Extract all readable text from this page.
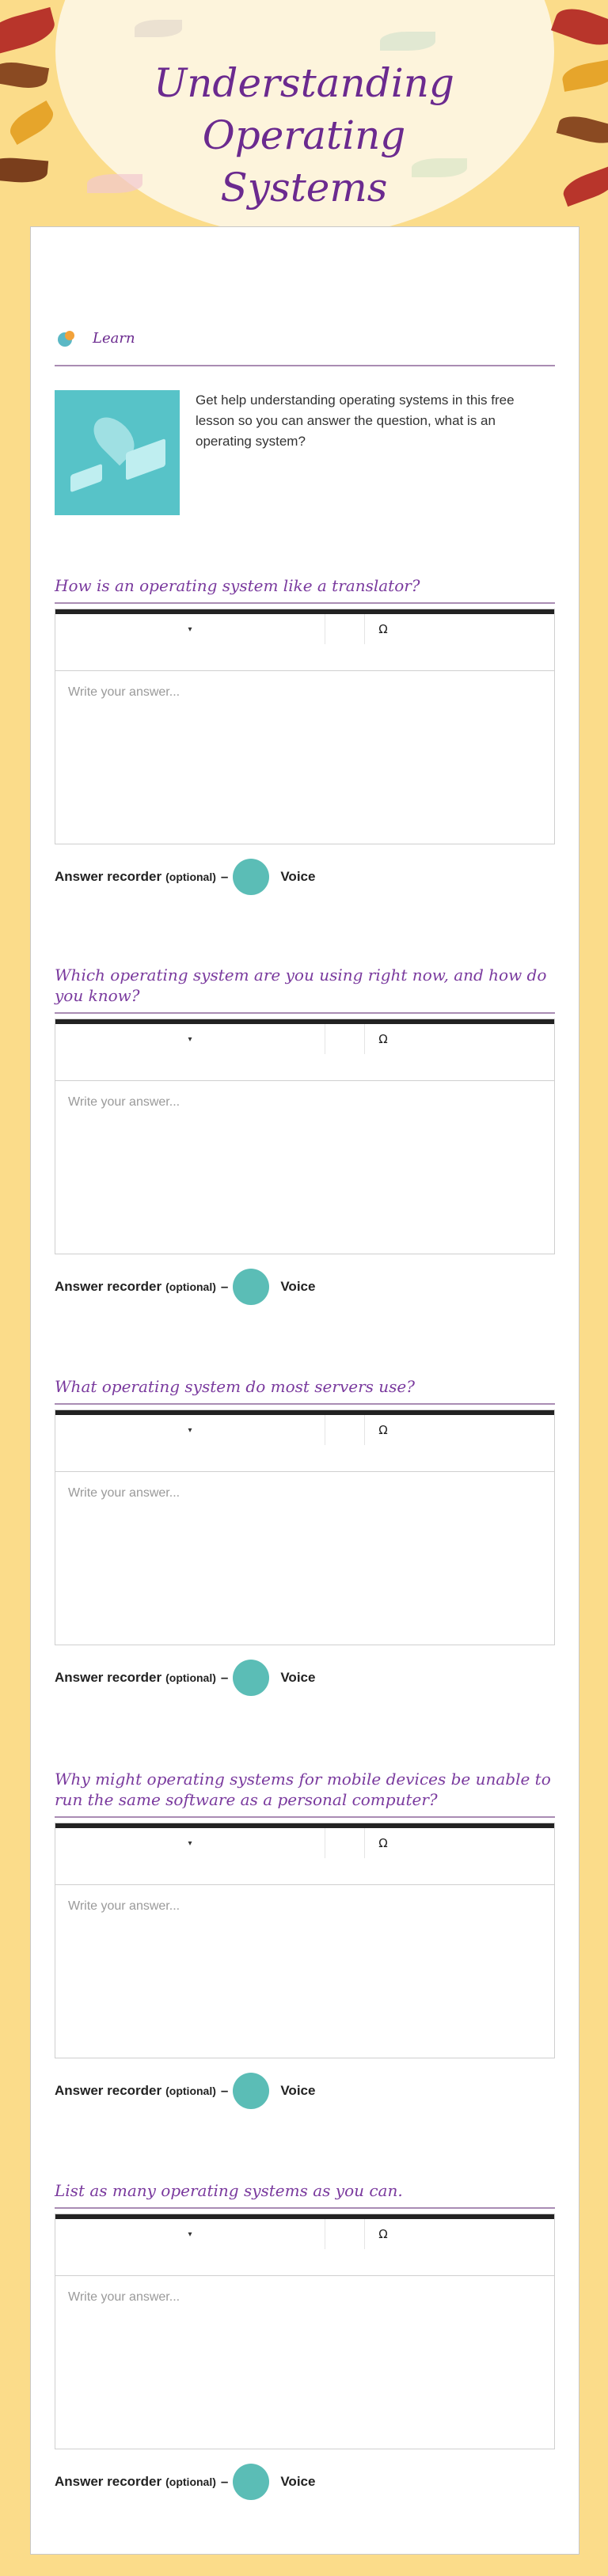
Understanding
Operating
Systems
Learn

Get help understanding operating systems in this free lesson so you can answer the question, what is an operating system?

How is an operating system like a translator?

▾	Ω
Write your answer...
Answer recorder (optional) –	Voice

Which operating system are you using right now, and how do you know?

▾	Ω
Write your answer...
Answer recorder (optional) –	Voice

What operating system do most servers use?

▾	Ω
Write your answer...
Answer recorder (optional) –	Voice

Why might operating systems for mobile devices be unable to run the same software as a personal computer?

▾	Ω
Write your answer...
Answer recorder (optional) –	Voice

List as many operating systems as you can.

▾	Ω
Write your answer...
Answer recorder (optional) –	Voice
